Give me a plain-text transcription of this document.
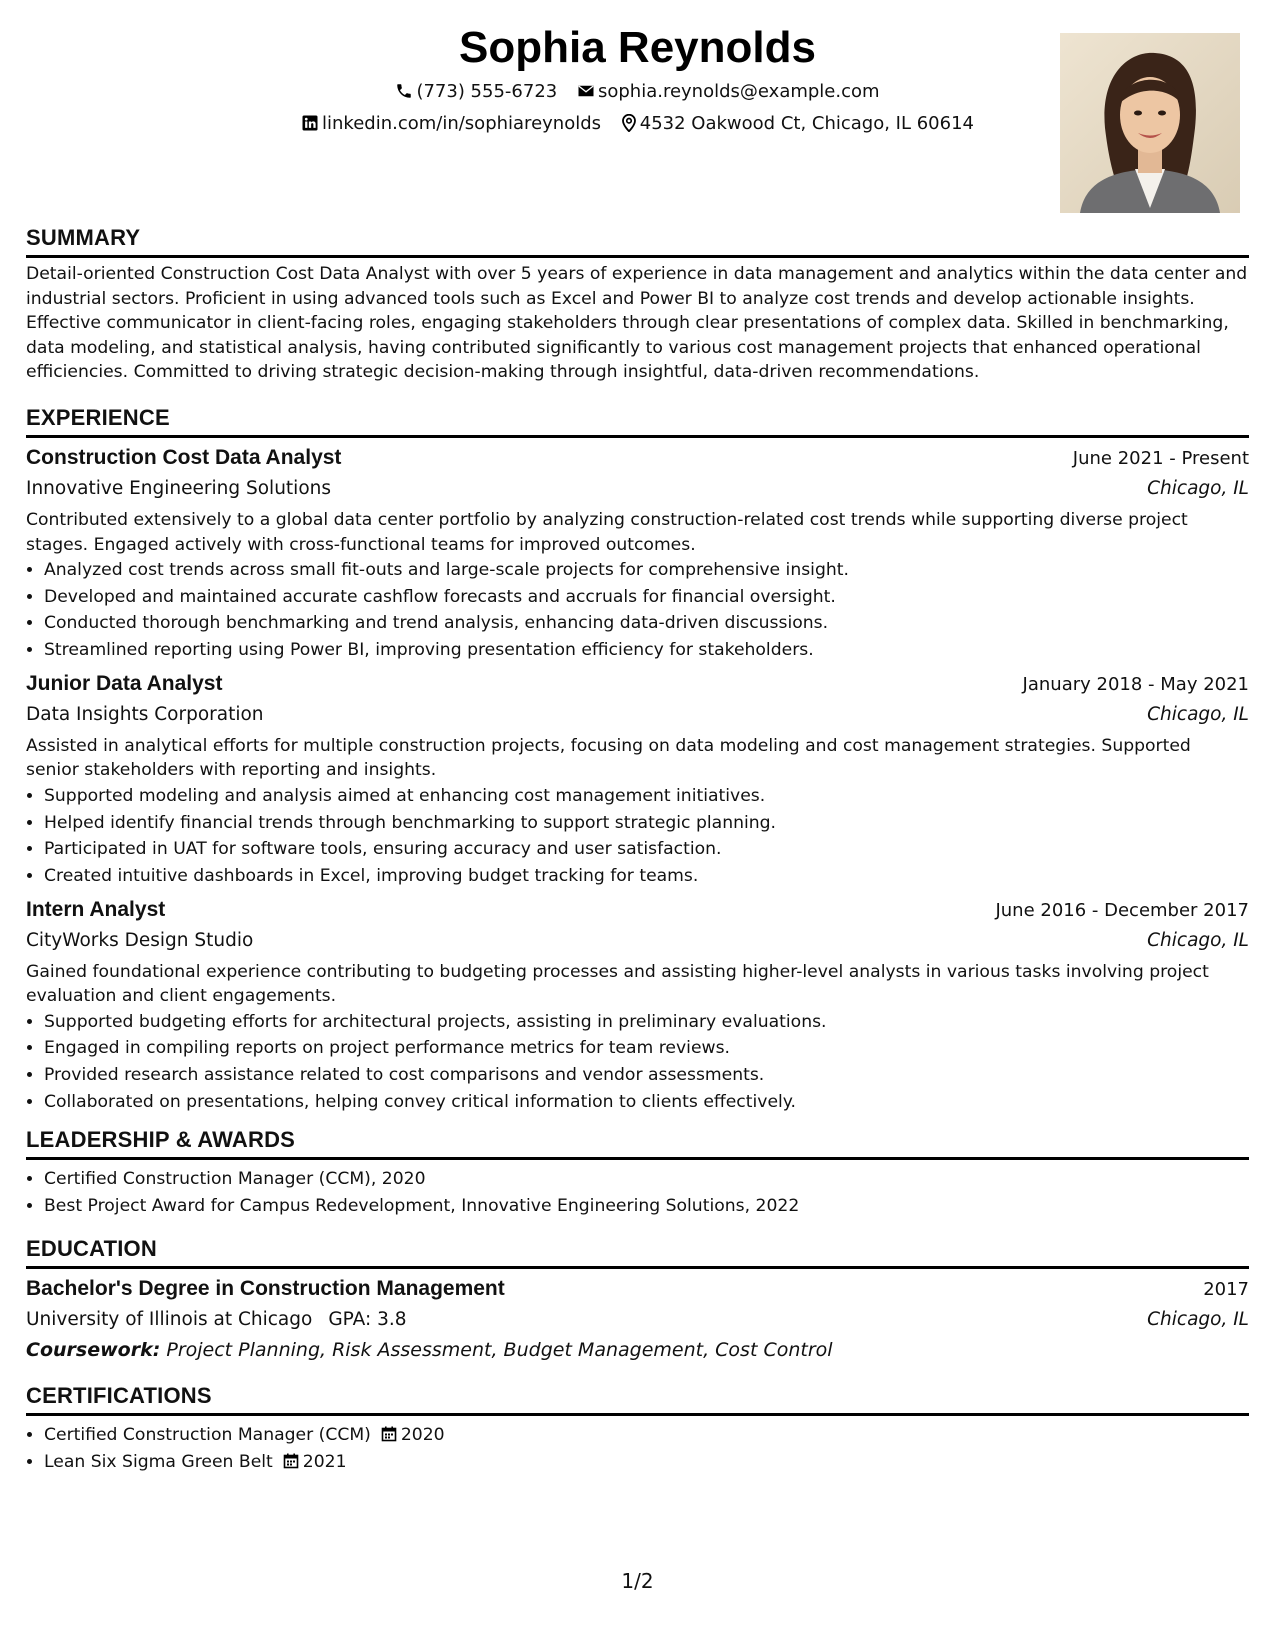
Sophia Reynolds
(773) 555-6723 sophia.reynolds@example.com
linkedin.com/in/sophiareynolds 4532 Oakwood Ct, Chicago, IL 60614
SUMMARY

Detail-oriented Construction Cost Data Analyst with over 5 years of experience in data management and analytics within the data center and industrial sectors. Proficient in using advanced tools such as Excel and Power BI to analyze cost trends and develop actionable insights. Effective communicator in client-facing roles, engaging stakeholders through clear presentations of complex data. Skilled in benchmarking, data modeling, and statistical analysis, having contributed significantly to various cost management projects that enhanced operational efficiencies. Committed to driving strategic decision-making through insightful, data-driven recommendations.

EXPERIENCE
Construction Cost Data Analyst	June 2021 - Present
Innovative Engineering Solutions	Chicago, IL

Contributed extensively to a global data center portfolio by analyzing construction-related cost trends while supporting diverse project stages. Engaged actively with cross-functional teams for improved outcomes.

• Analyzed cost trends across small fit-outs and large-scale projects for comprehensive insight.
• Developed and maintained accurate cashflow forecasts and accruals for financial oversight.
• Conducted thorough benchmarking and trend analysis, enhancing data-driven discussions.
• Streamlined reporting using Power BI, improving presentation efficiency for stakeholders.
Junior Data Analyst	January 2018 - May 2021
Data Insights Corporation	Chicago, IL

Assisted in analytical efforts for multiple construction projects, focusing on data modeling and cost management strategies. Supported senior stakeholders with reporting and insights.

• Supported modeling and analysis aimed at enhancing cost management initiatives.
• Helped identify financial trends through benchmarking to support strategic planning.
• Participated in UAT for software tools, ensuring accuracy and user satisfaction.
• Created intuitive dashboards in Excel, improving budget tracking for teams.
Intern Analyst	June 2016 - December 2017
CityWorks Design Studio	Chicago, IL

Gained foundational experience contributing to budgeting processes and assisting higher-level analysts in various tasks involving project evaluation and client engagements.

• Supported budgeting efforts for architectural projects, assisting in preliminary evaluations.
• Engaged in compiling reports on project performance metrics for team reviews.
• Provided research assistance related to cost comparisons and vendor assessments.
• Collaborated on presentations, helping convey critical information to clients effectively.
LEADERSHIP & AWARDS
• Certified Construction Manager (CCM), 2020
• Best Project Award for Campus Redevelopment, Innovative Engineering Solutions, 2022
EDUCATION
Bachelor's Degree in Construction Management	2017
University of Illinois at Chicago GPA: 3.8	Chicago, IL
Coursework: Project Planning, Risk Assessment, Budget Management, Cost Control
CERTIFICATIONS
• Certified Construction Manager (CCM) 2020
• Lean Six Sigma Green Belt 2021
1/2
